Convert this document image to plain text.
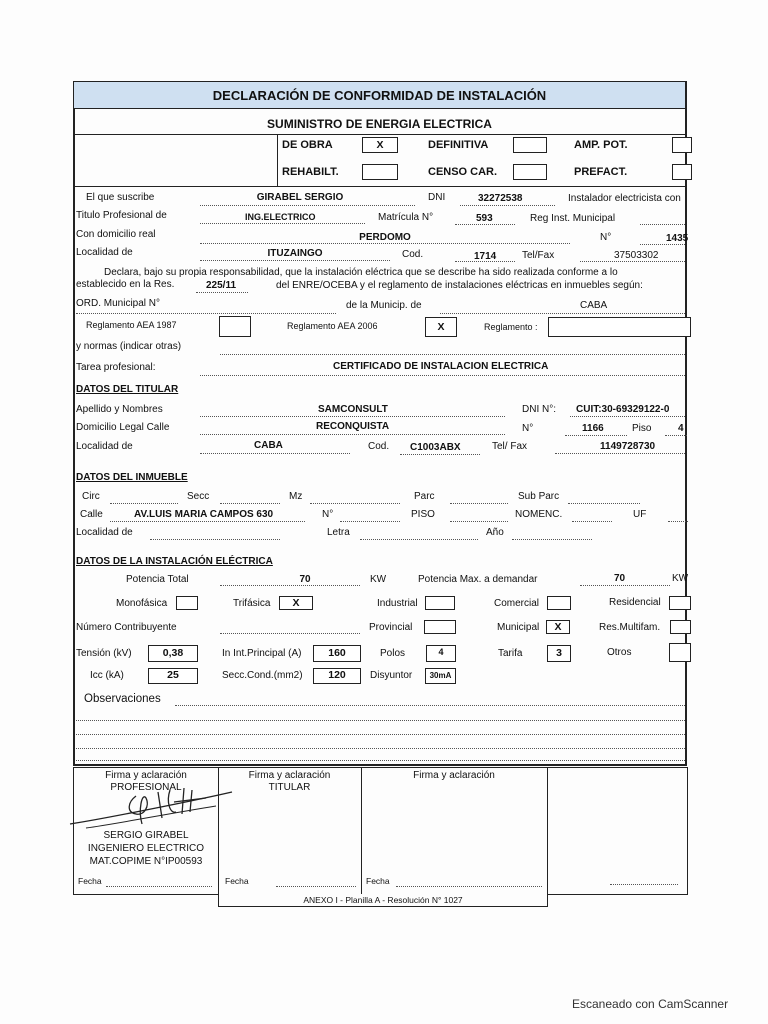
DECLARACIÓN DE CONFORMIDAD DE INSTALACIÓN
SUMINISTRO DE ENERGIA ELECTRICA
DE OBRA	X	DEFINITIVA	AMP. POT.
REHABILT.	CENSO CAR.	PREFACT.
El que suscribe	GIRABEL SERGIO	DNI	32272538	Instalador electricista con
Titulo Profesional de	ING.ELECTRICO	Matrícula N°	593	Reg Inst. Municipal
Con domicilio real	PERDOMO	N°	1435
Localidad de	ITUZAINGO	Cod.	1714	Tel/Fax	37503302
Declara, bajo su propia responsabilidad, que la instalación eléctrica que se describe ha sido realizada conforme a lo
establecido en la Res.	225/11	del ENRE/OCEBA y el reglamento de instalaciones eléctricas en inmuebles según:
ORD. Municipal N°	de la Municip. de	CABA
Reglamento AEA 1987	Reglamento AEA 2006	X	Reglamento :
y normas (indicar otras)
Tarea profesional:	CERTIFICADO DE INSTALACION ELECTRICA
DATOS DEL TITULAR
Apellido y Nombres	SAMCONSULT	DNI N°: CUIT:30-69329122-0
Domicilio Legal Calle	RECONQUISTA	N°	1166	Piso	4
Localidad de	CABA	Cod. C1003ABX	Tel/ Fax	1149728730
DATOS DEL INMUEBLE
Circ	Secc	Mz	Parc	Sub Parc
Calle	AV.LUIS MARIA CAMPOS 630	N°	PISO	NOMENC.	UF
Localidad de	Letra	Año
DATOS DE LA INSTALACIÓN ELÉCTRICA
Potencia Total	70	KW	Potencia Max. a demandar	70	KW
Monofásica	Trifásica	X	Industrial	Comercial	Residencial
Número Contribuyente	Provincial	Municipal	X	Res.Multifam.
Tensión (kV)	0,38	In Int.Principal (A)	160	Polos	4	Tarifa	3	Otros
Icc (kA)	25	Secc.Cond.(mm2)	120	Disyuntor	30mA
Observaciones
Firma y aclaración
PROFESIONAL
SERGIO GIRABEL
INGENIERO ELECTRICO
MAT.COPIME N°IP00593
Fecha
Firma y aclaración
TITULAR
Fecha
Firma y aclaración
Fecha
ANEXO I - Planilla A - Resolución N° 1027
Escaneado con CamScanner
